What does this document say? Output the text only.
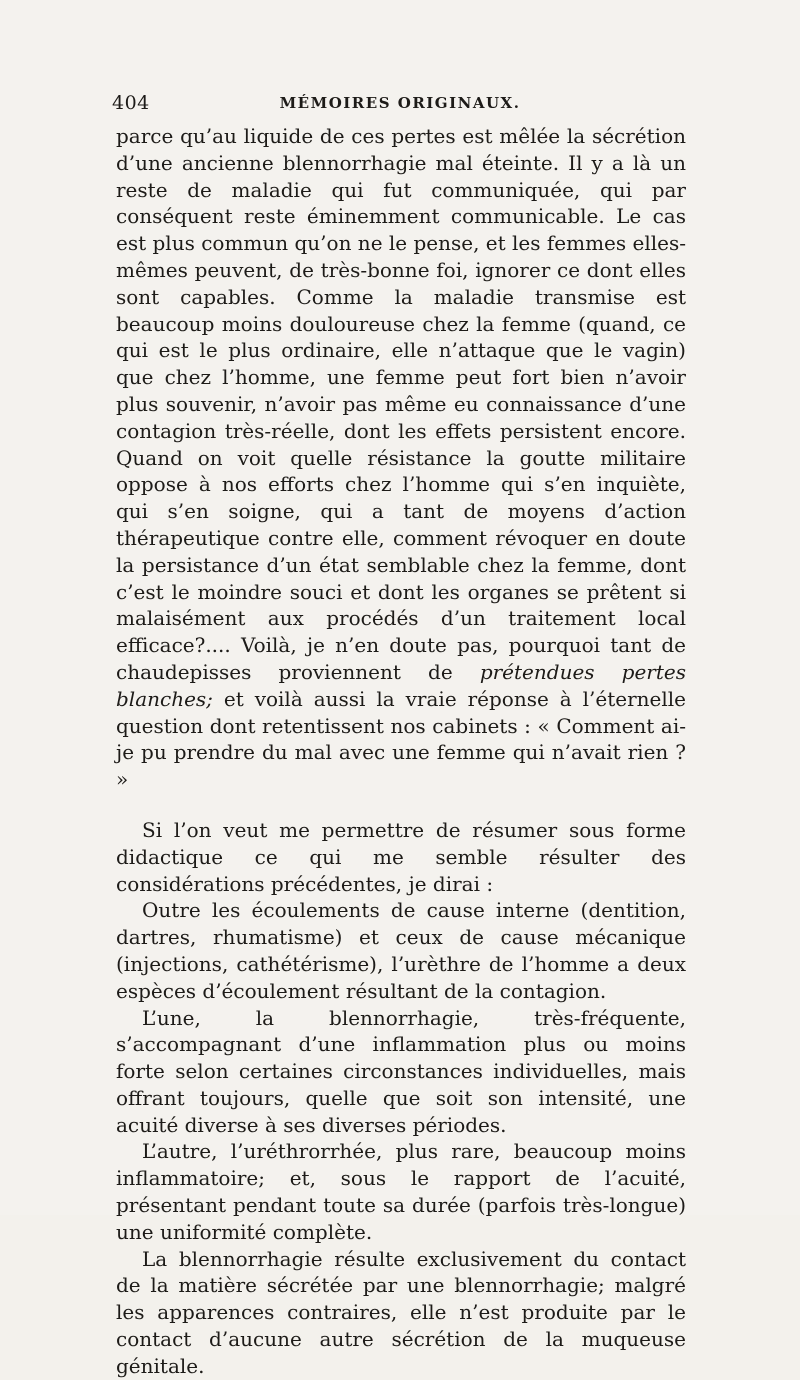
404	MÉMOIRES ORIGINAUX.

parce qu’au liquide de ces pertes est mêlée la sécrétion d’une ancienne blennorrhagie mal éteinte. Il y a là un reste de maladie qui fut communiquée, qui par conséquent reste éminemment communicable. Le cas est plus commun qu’on ne le pense, et les femmes elles-mêmes peuvent, de très-bonne foi, ignorer ce dont elles sont capables. Comme la maladie transmise est beaucoup moins douloureuse chez la femme (quand, ce qui est le plus ordinaire, elle n’attaque que le vagin) que chez l’homme, une femme peut fort bien n’avoir plus souvenir, n’avoir pas même eu connaissance d’une contagion très-réelle, dont les effets persistent encore. Quand on voit quelle résistance la goutte militaire oppose à nos efforts chez l’homme qui s’en inquiète, qui s’en soigne, qui a tant de moyens d’action thérapeutique contre elle, comment révoquer en doute la persistance d’un état semblable chez la femme, dont c’est le moindre souci et dont les organes se prêtent si malaisément aux procédés d’un traitement local efficace?.... Voilà, je n’en doute pas, pourquoi tant de chaudepisses proviennent de prétendues pertes blanches; et voilà aussi la vraie réponse à l’éternelle question dont retentissent nos cabinets : « Comment ai-je pu prendre du mal avec une femme qui n’avait rien ? »

Si l’on veut me permettre de résumer sous forme didactique ce qui me semble résulter des considérations précédentes, je dirai :

Outre les écoulements de cause interne (dentition, dartres, rhumatisme) et ceux de cause mécanique (injections, cathétérisme), l’urèthre de l’homme a deux espèces d’écoulement résultant de la contagion.

L’une, la blennorrhagie, très-fréquente, s’accompagnant d’une inflammation plus ou moins forte selon certaines circonstances individuelles, mais offrant toujours, quelle que soit son intensité, une acuité diverse à ses diverses périodes.

L’autre, l’uréthrorrhée, plus rare, beaucoup moins inflammatoire; et, sous le rapport de l’acuité, présentant pendant toute sa durée (parfois très-longue) une uniformité complète.

La blennorrhagie résulte exclusivement du contact de la matière sécrétée par une blennorrhagie; malgré les apparences contraires, elle n’est produite par le contact d’aucune autre sécrétion de la muqueuse génitale.
